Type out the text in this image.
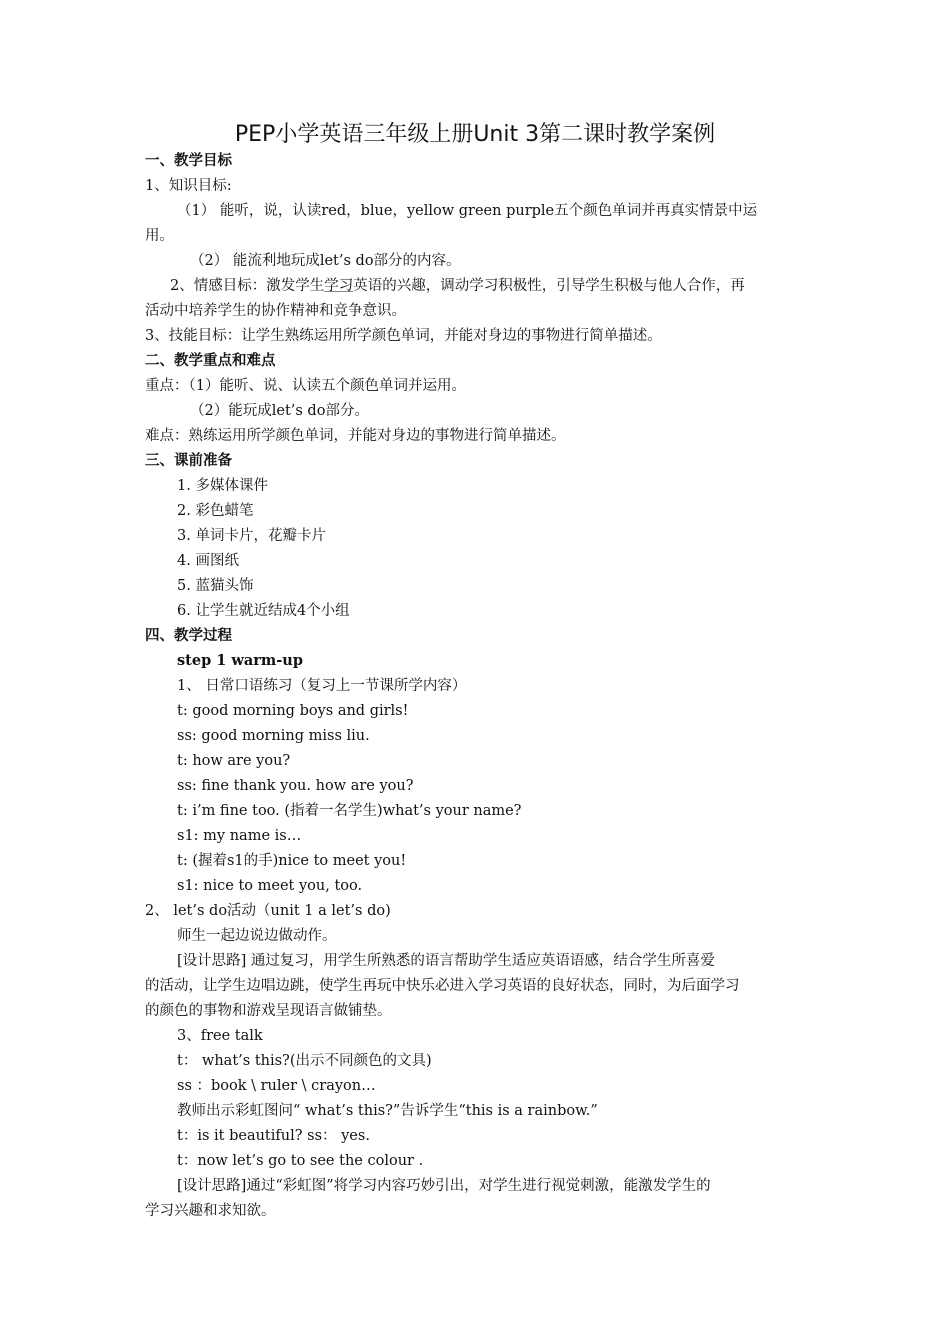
PEP小学英语三年级上册Unit 3第二课时教学案例
一、教学目标
1、知识目标:
（1） 能听，说，认读red，blue，yellow green purple五个颜色单词并再真实情景中运
用。
（2） 能流利地玩成let’s do部分的内容。
2、情感目标：激发学生学习英语的兴趣，调动学习积极性，引导学生积极与他人合作，再
活动中培养学生的协作精神和竞争意识。
3、技能目标：让学生熟练运用所学颜色单词，并能对身边的事物进行简单描述。
二、教学重点和难点
重点：（1）能听、说、认读五个颜色单词并运用。
（2）能玩成let’s do部分。
难点：熟练运用所学颜色单词，并能对身边的事物进行简单描述。
三、课前准备
1. 多媒体课件
2. 彩色蜡笔
3. 单词卡片，花瓣卡片
4. 画图纸
5. 蓝猫头饰
6. 让学生就近结成4个小组
四、教学过程
step 1 warm-up
1、 日常口语练习（复习上一节课所学内容）
t: good morning boys and girls!
ss: good morning miss liu.
t: how are you?
ss: fine thank you. how are you?
t: i’m fine too. (指着一名学生)what’s your name?
s1: my name is…
t: (握着s1的手)nice to meet you!
s1: nice to meet you, too.
2、 let’s do活动（unit 1 a let’s do)
师生一起边说边做动作。
[设计思路] 通过复习，用学生所熟悉的语言帮助学生适应英语语感，结合学生所喜爱
的活动，让学生边唱边跳，使学生再玩中快乐必进入学习英语的良好状态，同时，为后面学习
的颜色的事物和游戏呈现语言做铺垫。
3、free talk
t： what’s this?(出示不同颜色的文具)
ss ：book \ ruler \ crayon…
教师出示彩虹图问“ what’s this?”告诉学生“this is a rainbow.”
t：is it beautiful? ss： yes.
t：now let’s go to see the colour .
[设计思路]通过“彩虹图”将学习内容巧妙引出，对学生进行视觉刺激，能激发学生的
学习兴趣和求知欲。
